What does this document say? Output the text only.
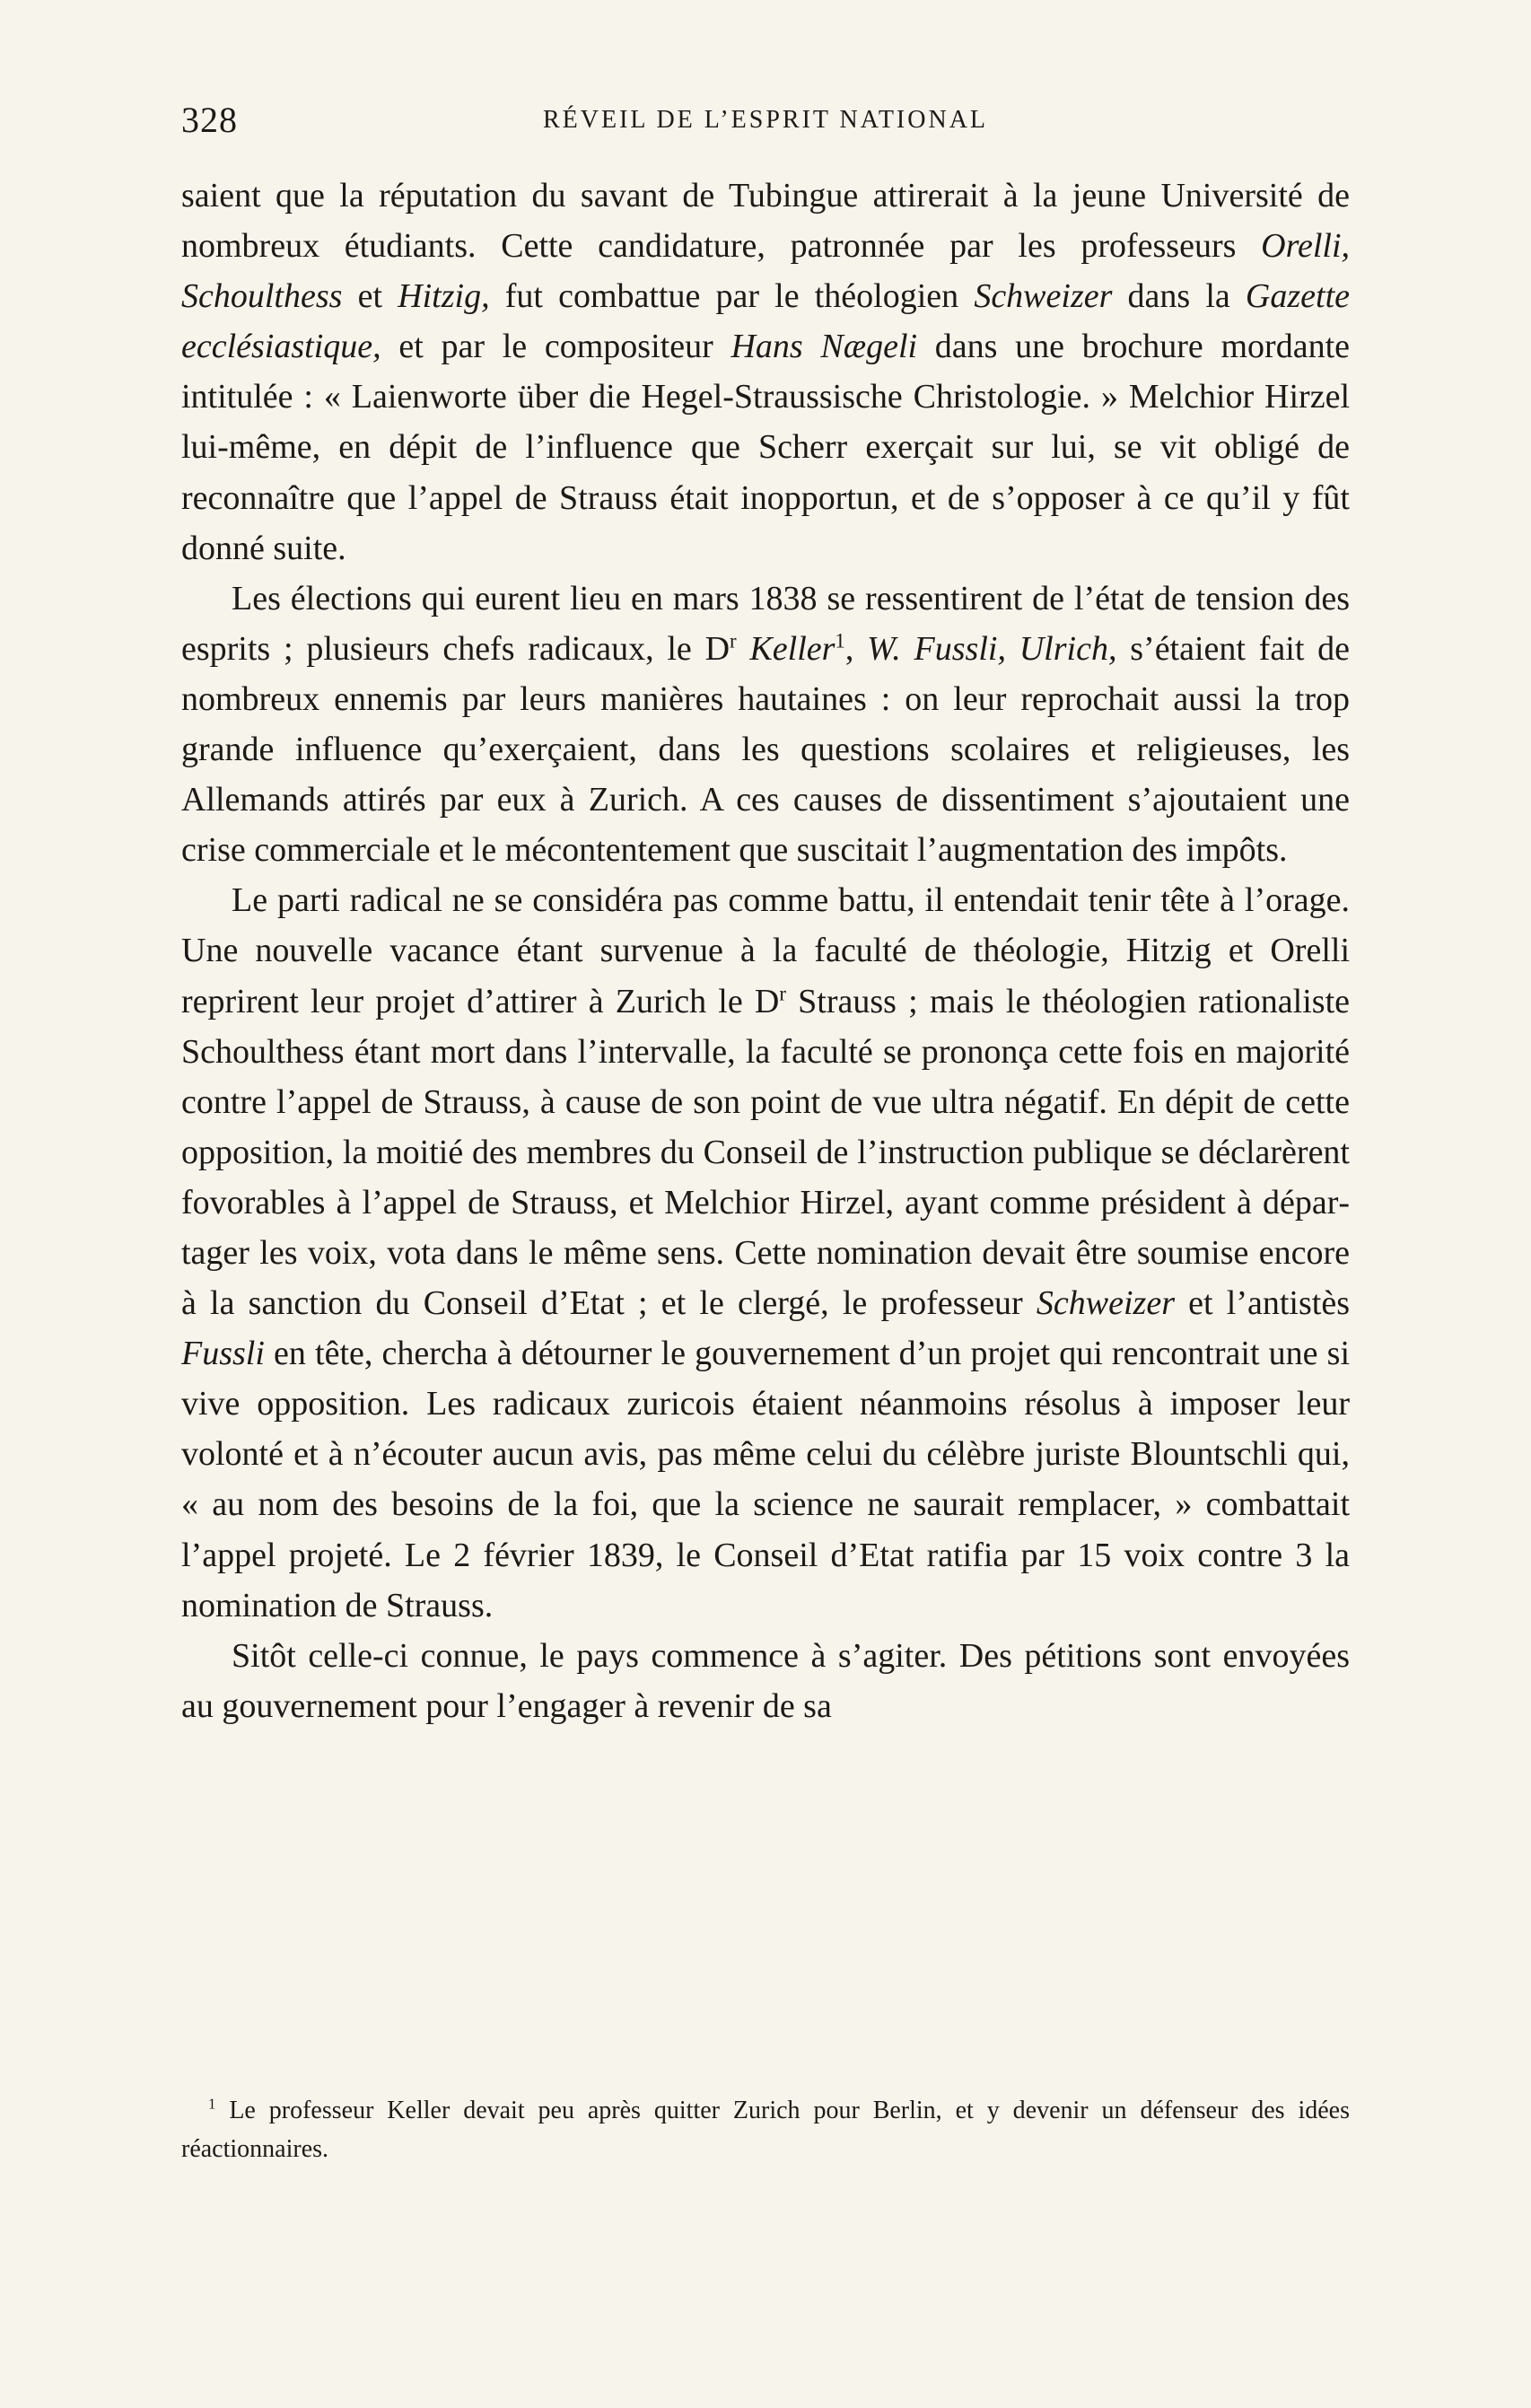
328	RÉVEIL DE L’ESPRIT NATIONAL

saient que la réputation du savant de Tubingue attirerait à la jeune Université de nombreux étudiants. Cette candidature, patronnée par les professeurs Orelli, Schoulthess et Hitzig, fut combattue par le théologien Schweizer dans la Gazette ecclésiastique, et par le compositeur Hans Nægeli dans une brochure mordante intitulée : « Laienworte über die Hegel-Straussische Christologie. » Melchior Hirzel lui-même, en dépit de l’influence que Scherr exerçait sur lui, se vit obligé de reconnaître que l’appel de Strauss était inopportun, et de s’opposer à ce qu’il y fût donné suite.

Les élections qui eurent lieu en mars 1838 se ressentirent de l’état de tension des esprits ; plusieurs chefs radicaux, le $D^r$ Keller$^1$, W. Fussli, Ulrich, s’étaient fait de nombreux ennemis par leurs manières hautaines : on leur reprochait aussi la trop grande influence qu’exerçaient, dans les questions scolaires et religieuses, les Allemands attirés par eux à Zurich. A ces causes de dissentiment s’ajoutaient une crise commerciale et le mécontentement que suscitait l’augmentation des impôts.

Le parti radical ne se considéra pas comme battu, il entendait tenir tête à l’orage. Une nouvelle vacance étant survenue à la faculté de théologie, Hitzig et Orelli reprirent leur projet d’attirer à Zurich le $D^r$ Strauss ; mais le théologien rationaliste Schoulthess étant mort dans l’intervalle, la faculté se prononça cette fois en majorité contre l’appel de Strauss, à cause de son point de vue ultra négatif. En dépit de cette opposition, la moitié des membres du Conseil de l’instruction publique se déclarèrent fovorables à l’appel de Strauss, et Melchior Hirzel, ayant comme président à départager les voix, vota dans le même sens. Cette nomination devait être soumise encore à la sanction du Conseil d’Etat ; et le clergé, le professeur Schweizer et l’antistès Fussli en tête, chercha à détourner le gouvernement d’un projet qui rencontrait une si vive opposition. Les radicaux zuricois étaient néanmoins résolus à imposer leur volonté et à n’écouter aucun avis, pas même celui du célèbre juriste Blountschli qui, « au nom des besoins de la foi, que la science ne saurait remplacer, » combattait l’appel projeté. Le 2 février 1839, le Conseil d’Etat ratifia par 15 voix contre 3 la nomination de Strauss.

Sitôt celle-ci connue, le pays commence à s’agiter. Des pétitions sont envoyées au gouvernement pour l’engager à revenir de sa

$^1$ Le professeur Keller devait peu après quitter Zurich pour Berlin, et y devenir un défenseur des idées réactionnaires.
